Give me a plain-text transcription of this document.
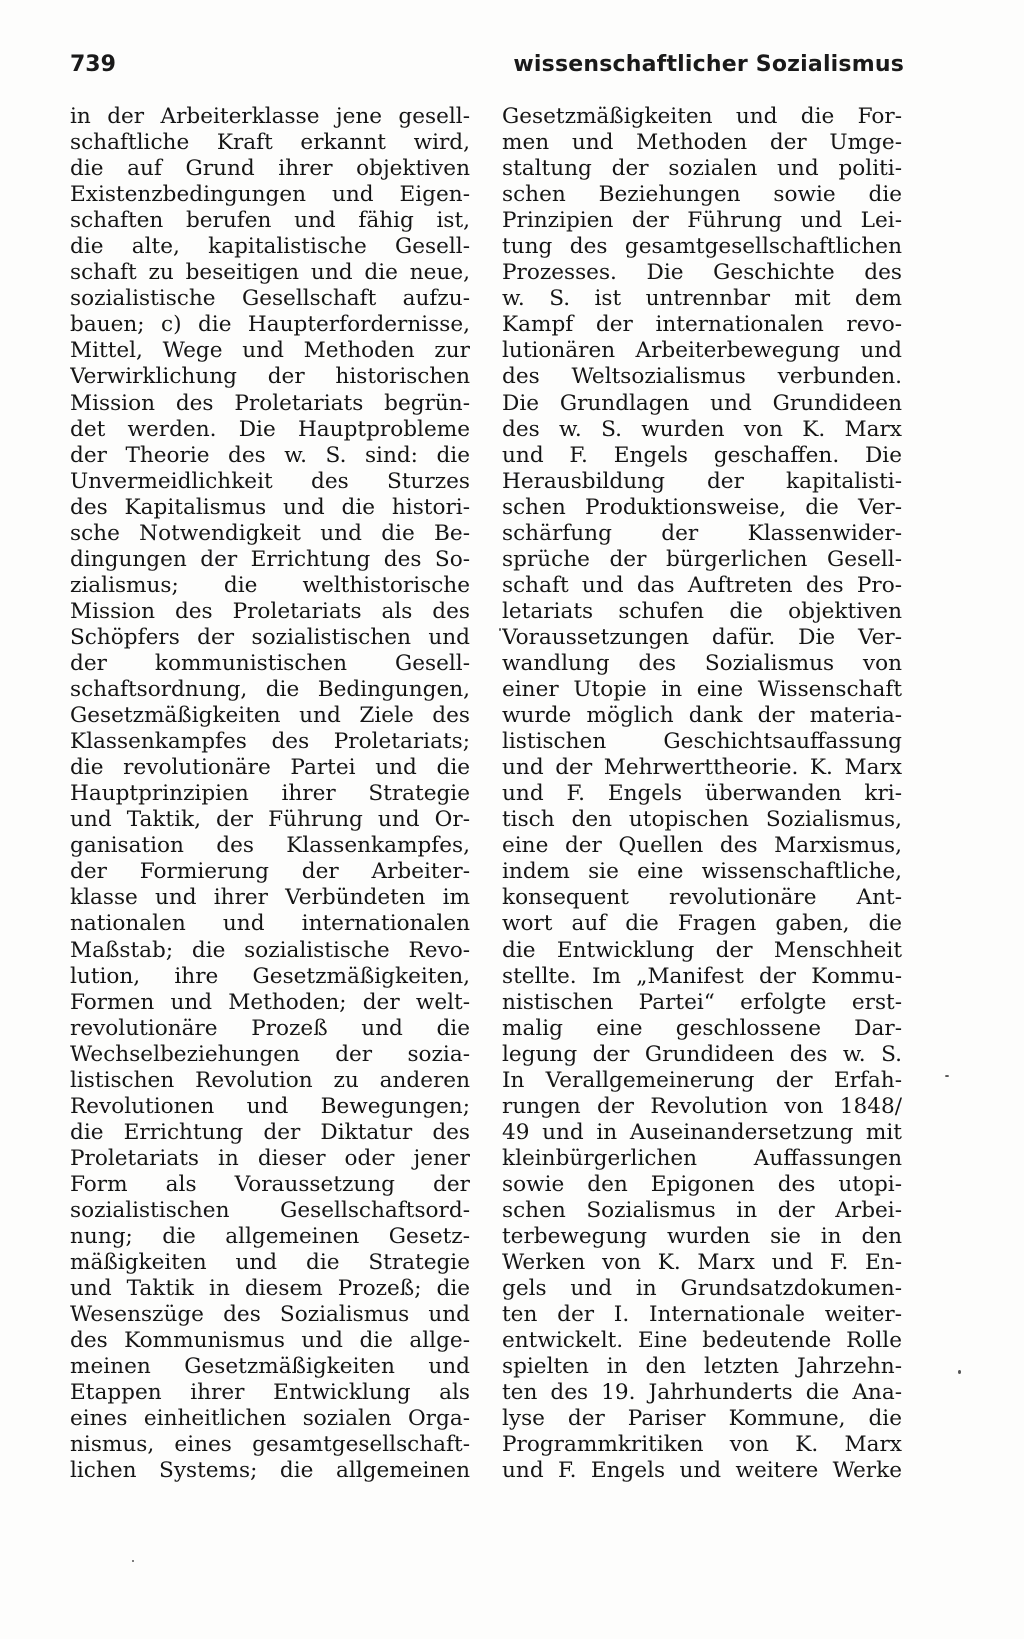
739	wissenschaftlicher Sozialismus
in der Arbeiterklasse jene gesell-
schaftliche Kraft erkannt wird,
die auf Grund ihrer objektiven
Existenzbedingungen und Eigen-
schaften berufen und fähig ist,
die alte, kapitalistische Gesell-
schaft zu beseitigen und die neue,
sozialistische Gesellschaft aufzu-
bauen; c) die Haupterfordernisse,
Mittel, Wege und Methoden zur
Verwirklichung der historischen
Mission des Proletariats begrün-
det werden. Die Hauptprobleme
der Theorie des w. S. sind: die
Unvermeidlichkeit des Sturzes
des Kapitalismus und die histori-
sche Notwendigkeit und die Be-
dingungen der Errichtung des So-
zialismus; die welthistorische
Mission des Proletariats als des
Schöpfers der sozialistischen und
der kommunistischen Gesell-
schaftsordnung, die Bedingungen,
Gesetzmäßigkeiten und Ziele des
Klassenkampfes des Proletariats;
die revolutionäre Partei und die
Hauptprinzipien ihrer Strategie
und Taktik, der Führung und Or-
ganisation des Klassenkampfes,
der Formierung der Arbeiter-
klasse und ihrer Verbündeten im
nationalen und internationalen
Maßstab; die sozialistische Revo-
lution, ihre Gesetzmäßigkeiten,
Formen und Methoden; der welt-
revolutionäre Prozeß und die
Wechselbeziehungen der sozia-
listischen Revolution zu anderen
Revolutionen und Bewegungen;
die Errichtung der Diktatur des
Proletariats in dieser oder jener
Form als Voraussetzung der
sozialistischen Gesellschaftsord-
nung; die allgemeinen Gesetz-
mäßigkeiten und die Strategie
und Taktik in diesem Prozeß; die
Wesenszüge des Sozialismus und
des Kommunismus und die allge-
meinen Gesetzmäßigkeiten und
Etappen ihrer Entwicklung als
eines einheitlichen sozialen Orga-
nismus, eines gesamtgesellschaft-
lichen Systems; die allgemeinen
Gesetzmäßigkeiten und die For-
men und Methoden der Umge-
staltung der sozialen und politi-
schen Beziehungen sowie die
Prinzipien der Führung und Lei-
tung des gesamtgesellschaftlichen
Prozesses. Die Geschichte des
w. S. ist untrennbar mit dem
Kampf der internationalen revo-
lutionären Arbeiterbewegung und
des Weltsozialismus verbunden.
Die Grundlagen und Grundideen
des w. S. wurden von K. Marx
und F. Engels geschaffen. Die
Herausbildung der kapitalisti-
schen Produktionsweise, die Ver-
schärfung der Klassenwider-
sprüche der bürgerlichen Gesell-
schaft und das Auftreten des Pro-
letariats schufen die objektiven
Voraussetzungen dafür. Die Ver-
wandlung des Sozialismus von
einer Utopie in eine Wissenschaft
wurde möglich dank der materia-
listischen Geschichtsauffassung
und der Mehrwerttheorie. K. Marx
und F. Engels überwanden kri-
tisch den utopischen Sozialismus,
eine der Quellen des Marxismus,
indem sie eine wissenschaftliche,
konsequent revolutionäre Ant-
wort auf die Fragen gaben, die
die Entwicklung der Menschheit
stellte. Im „Manifest der Kommu-
nistischen Partei“ erfolgte erst-
malig eine geschlossene Dar-
legung der Grundideen des w. S.
In Verallgemeinerung der Erfah-
rungen der Revolution von 1848/
49 und in Auseinandersetzung mit
kleinbürgerlichen Auffassungen
sowie den Epigonen des utopi-
schen Sozialismus in der Arbei-
terbewegung wurden sie in den
Werken von K. Marx und F. En-
gels und in Grundsatzdokumen-
ten der I. Internationale weiter-
entwickelt. Eine bedeutende Rolle
spielten in den letzten Jahrzehn-
ten des 19. Jahrhunderts die Ana-
lyse der Pariser Kommune, die
Programmkritiken von K. Marx
und F. Engels und weitere Werke
